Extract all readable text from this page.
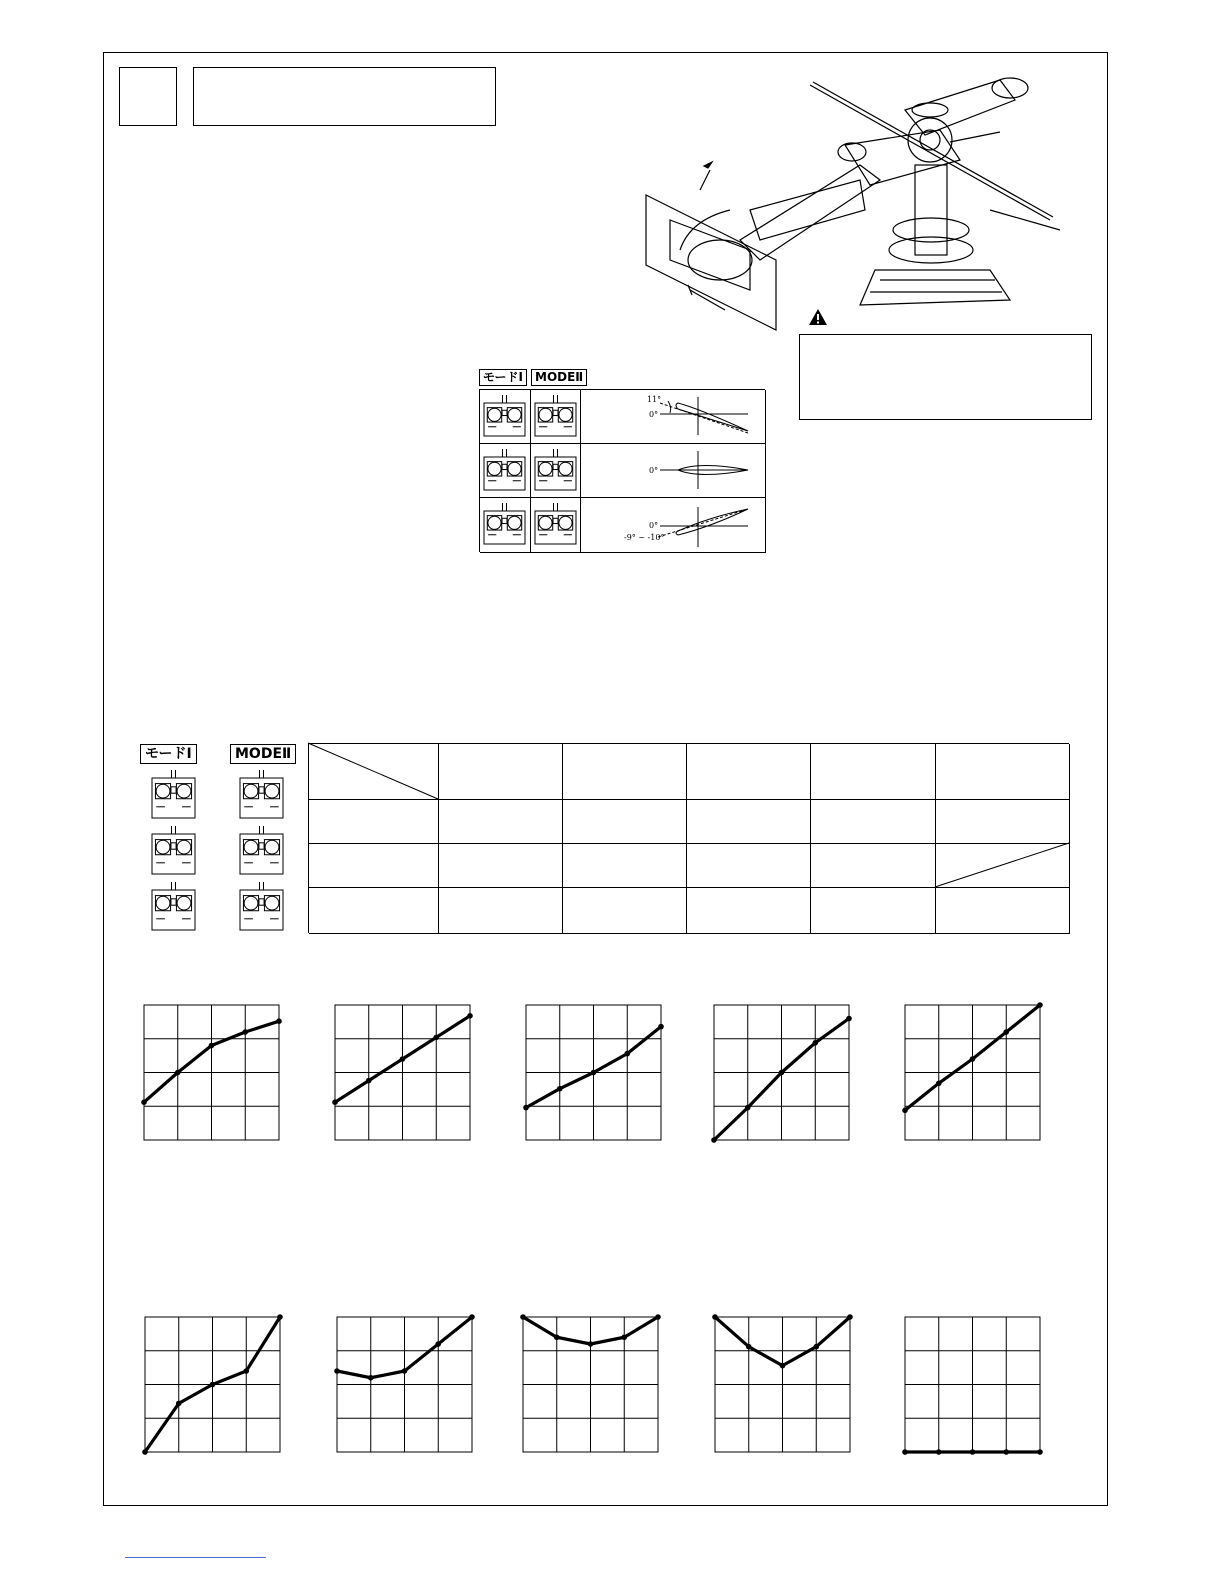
モードⅠ	MODEⅡ
11°
0°
0°
0°
-9° ~ -10°
モードⅠ	MODEⅡ
